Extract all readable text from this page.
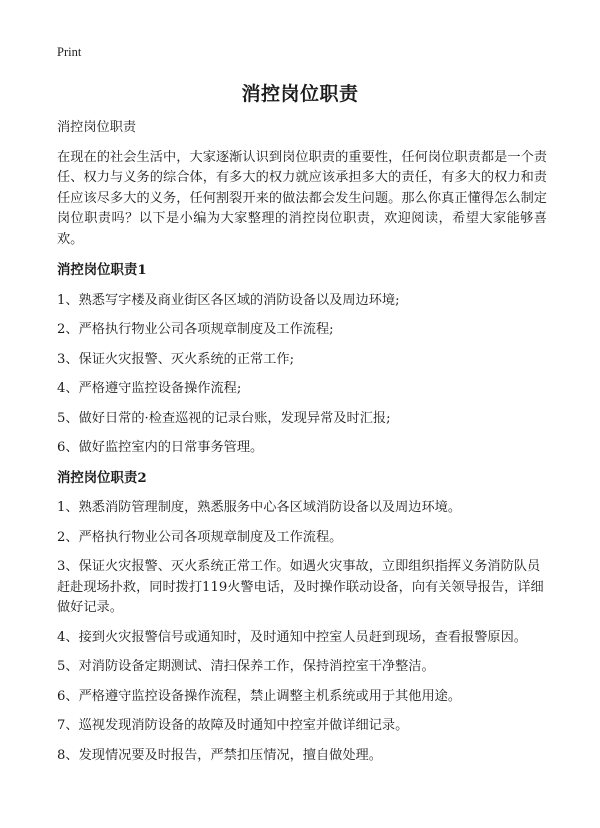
Print
消控岗位职责

消控岗位职责

在现在的社会生活中，大家逐渐认识到岗位职责的重要性，任何岗位职责都是一个责任、权力与义务的综合体，有多大的权力就应该承担多大的责任，有多大的权力和责任应该尽多大的义务，任何割裂开来的做法都会发生问题。那么你真正懂得怎么制定岗位职责吗？以下是小编为大家整理的消控岗位职责，欢迎阅读，希望大家能够喜欢。

消控岗位职责1

1、熟悉写字楼及商业街区各区域的消防设备以及周边环境;

2、严格执行物业公司各项规章制度及工作流程;

3、保证火灾报警、灭火系统的正常工作;

4、严格遵守监控设备操作流程;

5、做好日常的·检查巡视的记录台账，发现异常及时汇报;

6、做好监控室内的日常事务管理。

消控岗位职责2

1、熟悉消防管理制度，熟悉服务中心各区域消防设备以及周边环境。

2、严格执行物业公司各项规章制度及工作流程。

3、保证火灾报警、灭火系统正常工作。如遇火灾事故，立即组织指挥义务消防队员赶赴现场扑救，同时拨打119火警电话，及时操作联动设备，向有关领导报告，详细做好记录。

4、接到火灾报警信号或通知时，及时通知中控室人员赶到现场，查看报警原因。

5、对消防设备定期测试、清扫保养工作，保持消控室干净整洁。

6、严格遵守监控设备操作流程，禁止调整主机系统或用于其他用途。

7、巡视发现消防设备的故障及时通知中控室并做详细记录。

8、发现情况要及时报告，严禁扣压情况，擅自做处理。
